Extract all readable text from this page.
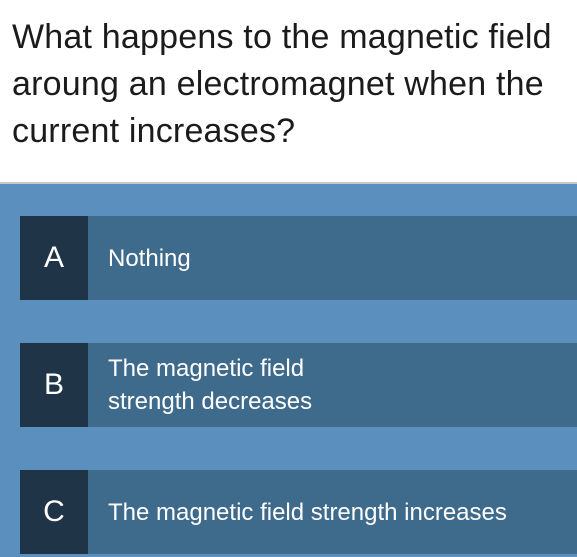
What happens to the magnetic field aroung an electromagnet when the current increases?
A	Nothing
B	The magnetic field strength decreases
C	The magnetic field strength increases
